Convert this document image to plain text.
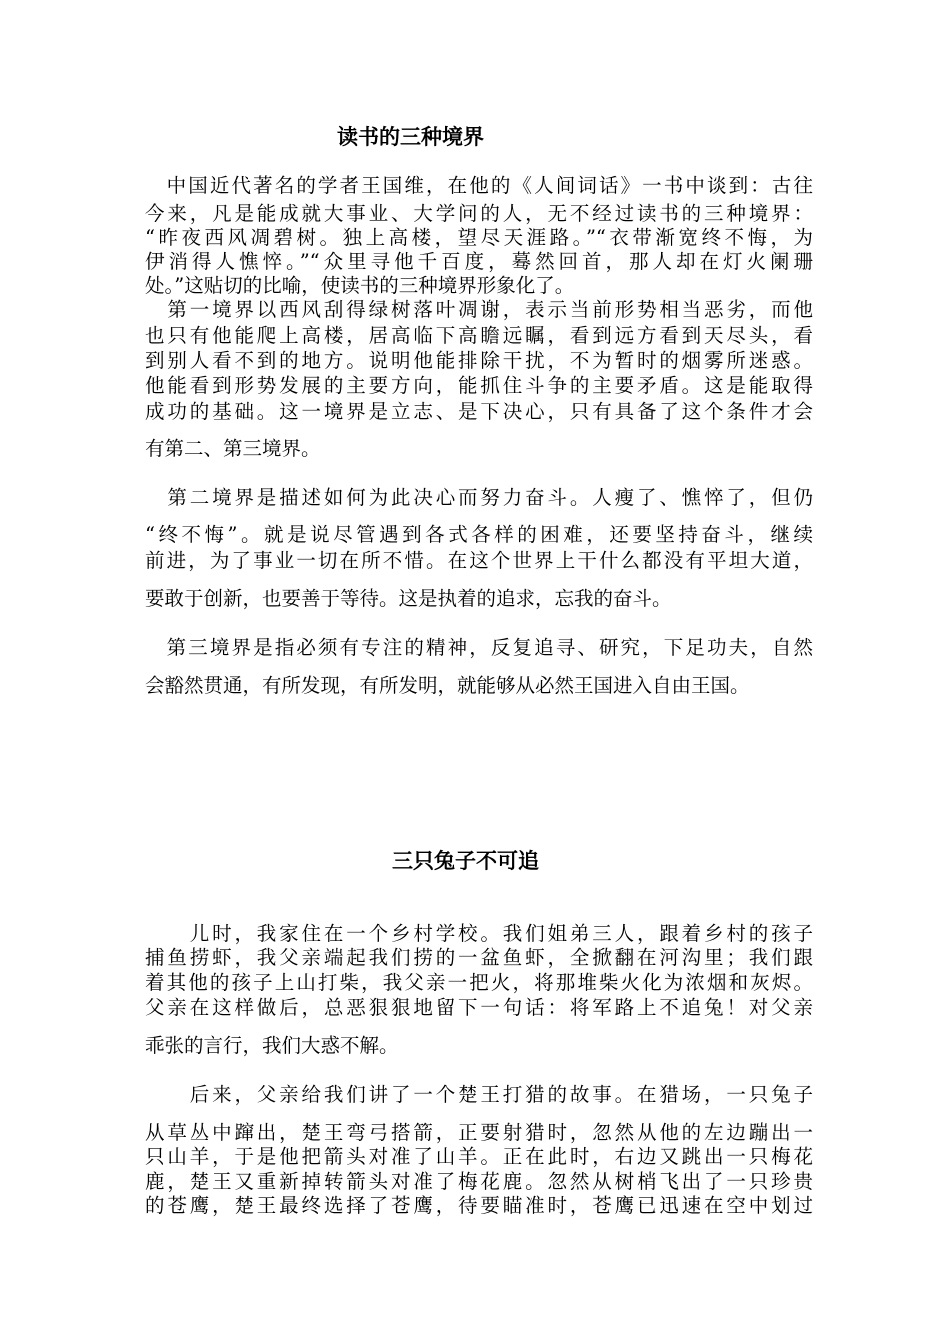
读书的三种境界

　中国近代著名的学者王国维，在他的《人间词话》一书中谈到：古往

今来，凡是能成就大事业、大学问的人，无不经过读书的三种境界：

“昨夜西风凋碧树。独上高楼，望尽天涯路。”“衣带渐宽终不悔，为

伊消得人憔悴。”“众里寻他千百度，蓦然回首，那人却在灯火阑珊

处。”这贴切的比喻，使读书的三种境界形象化了。

　第一境界以西风刮得绿树落叶凋谢，表示当前形势相当恶劣，而他

也只有他能爬上高楼，居高临下高瞻远瞩，看到远方看到天尽头，看

到别人看不到的地方。说明他能排除干扰，不为暂时的烟雾所迷惑。

他能看到形势发展的主要方向，能抓住斗争的主要矛盾。这是能取得

成功的基础。这一境界是立志、是下决心，只有具备了这个条件才会

有第二、第三境界。

　第二境界是描述如何为此决心而努力奋斗。人瘦了、憔悴了，但仍

“终不悔”。就是说尽管遇到各式各样的困难，还要坚持奋斗，继续

前进，为了事业一切在所不惜。在这个世界上干什么都没有平坦大道，

要敢于创新，也要善于等待。这是执着的追求，忘我的奋斗。

　第三境界是指必须有专注的精神，反复追寻、研究，下足功夫，自然

会豁然贯通，有所发现，有所发明，就能够从必然王国进入自由王国。

三只兔子不可追

　　儿时，我家住在一个乡村学校。我们姐弟三人，跟着乡村的孩子

捕鱼捞虾，我父亲端起我们捞的一盆鱼虾，全掀翻在河沟里；我们跟

着其他的孩子上山打柴，我父亲一把火，将那堆柴火化为浓烟和灰烬。

父亲在这样做后，总恶狠狠地留下一句话：将军路上不追兔！对父亲

乖张的言行，我们大惑不解。

　　后来，父亲给我们讲了一个楚王打猎的故事。在猎场，一只兔子

从草丛中蹿出，楚王弯弓搭箭，正要射猎时，忽然从他的左边蹦出一

只山羊，于是他把箭头对准了山羊。正在此时，右边又跳出一只梅花

鹿，楚王又重新掉转箭头对准了梅花鹿。忽然从树梢飞出了一只珍贵

的苍鹰，楚王最终选择了苍鹰，待要瞄准时，苍鹰已迅速在空中划过
